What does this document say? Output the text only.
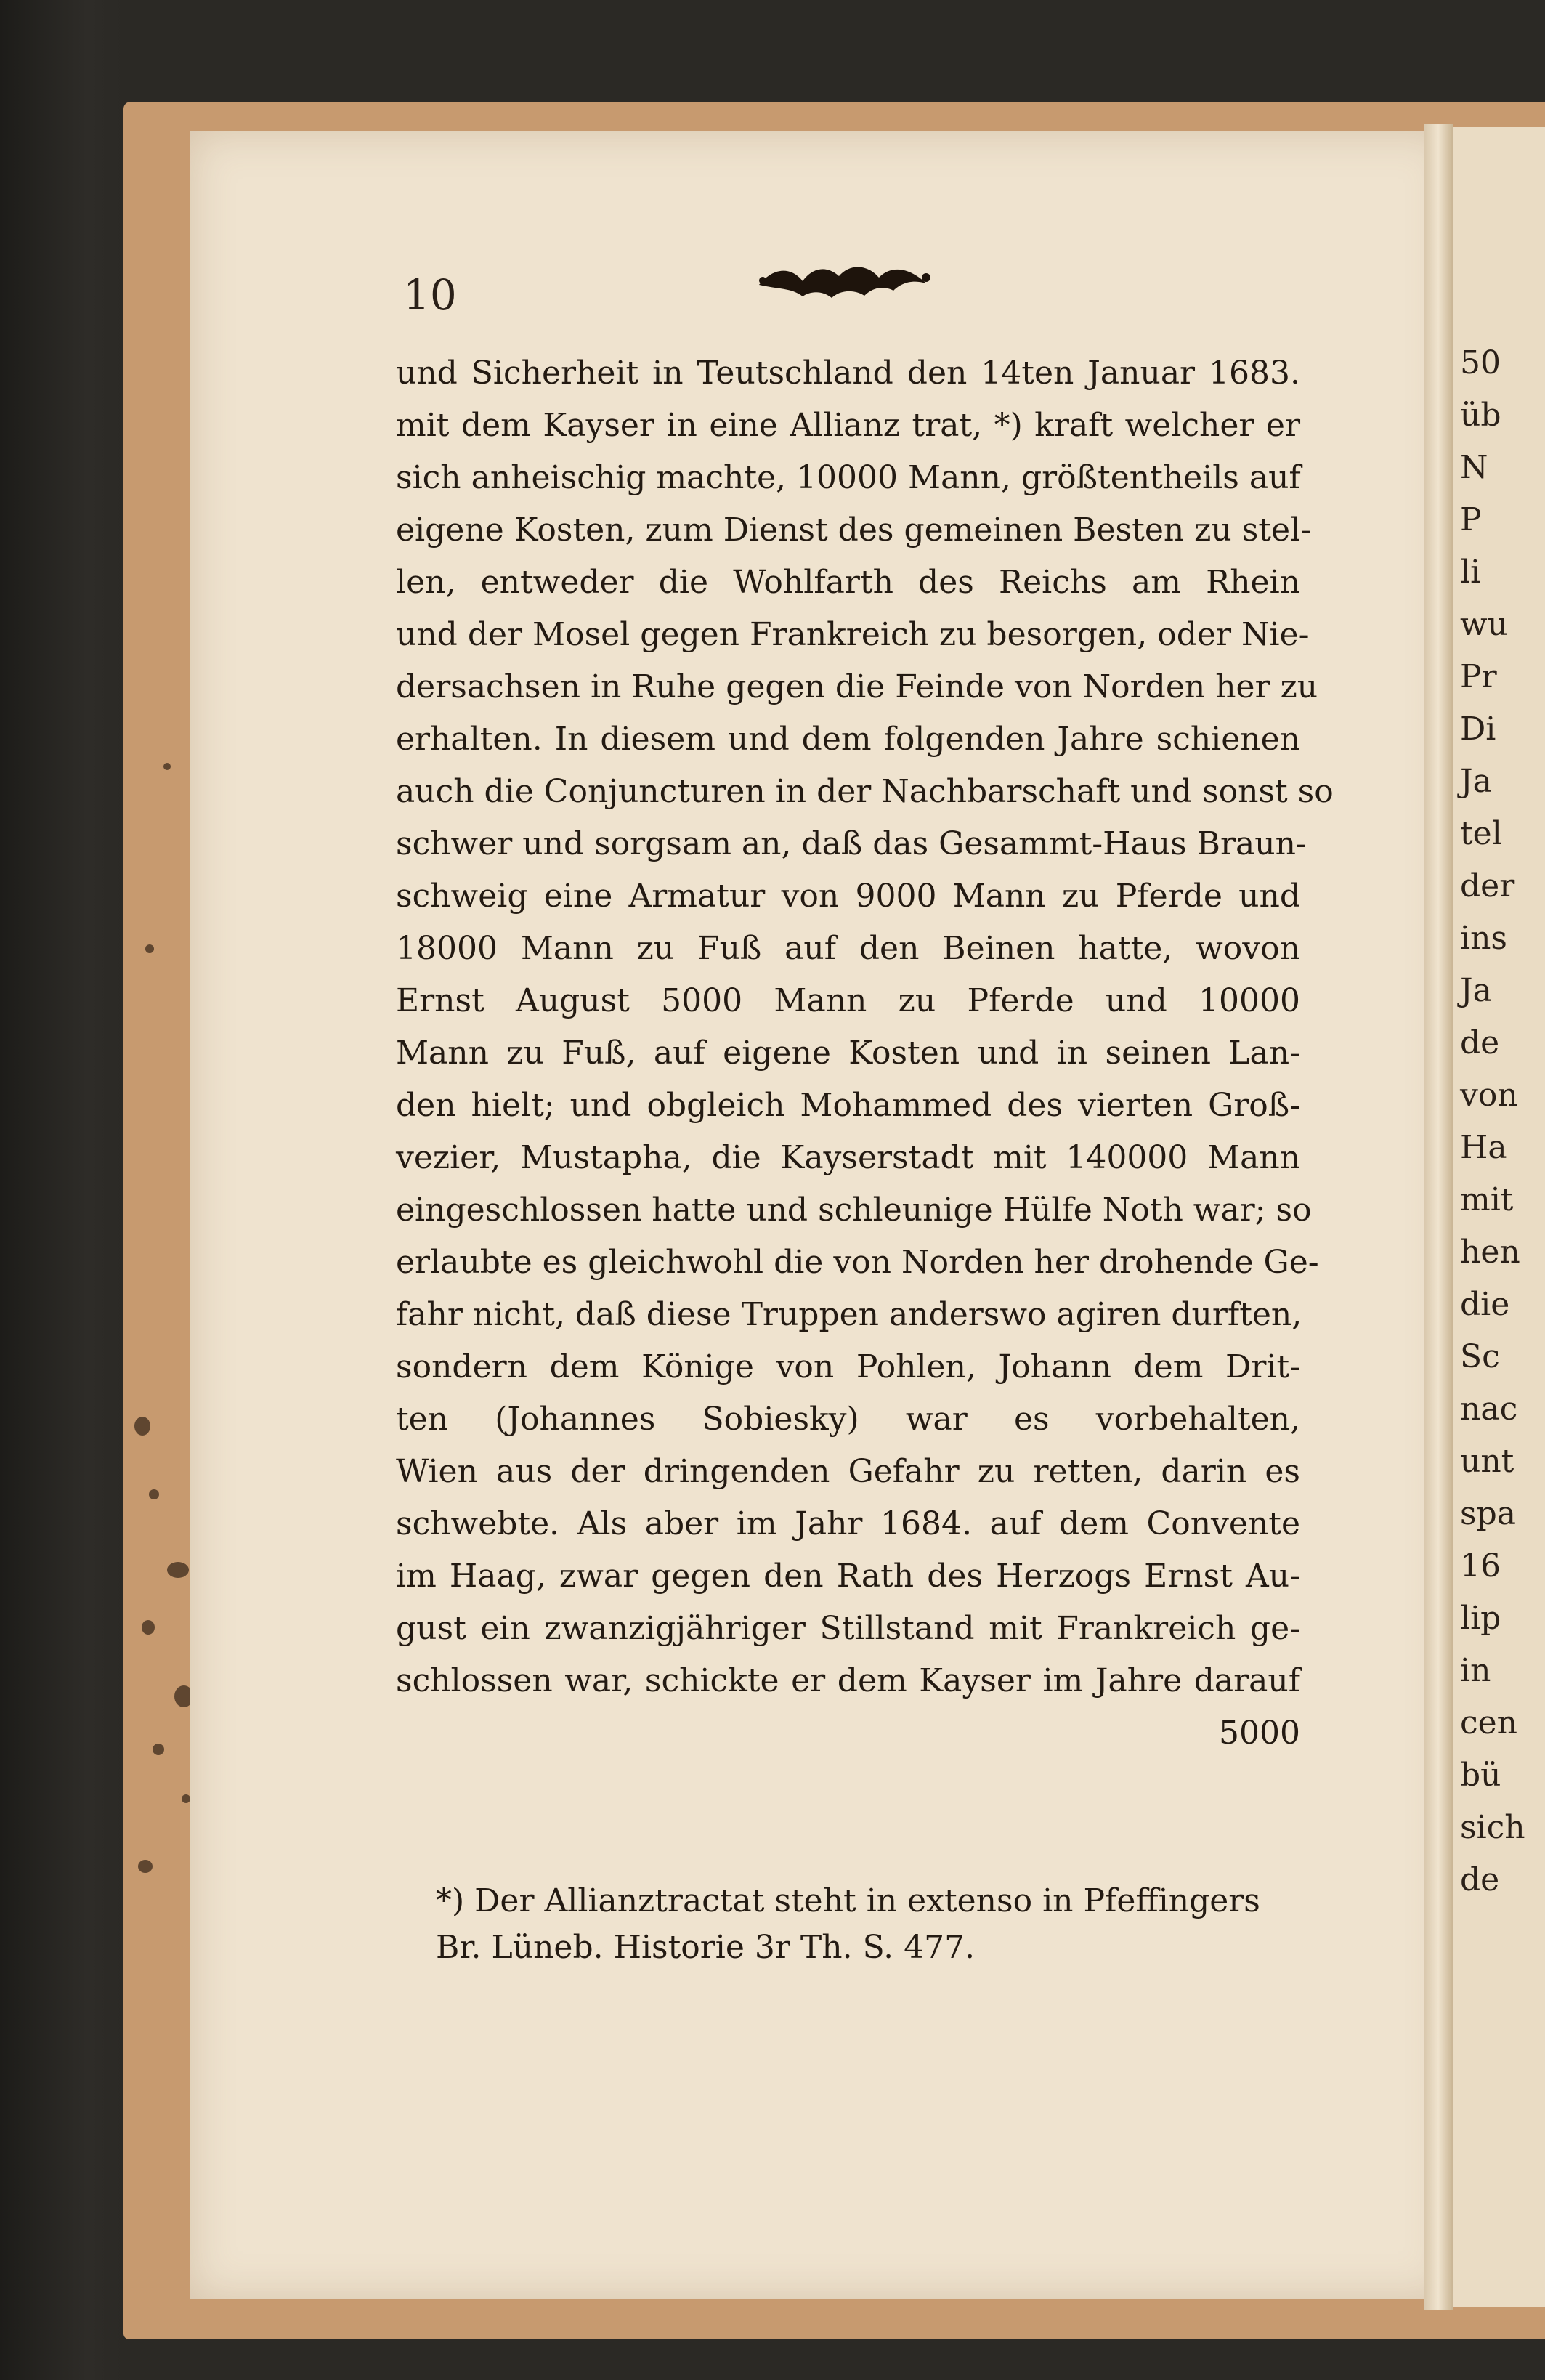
50
üb
N
P
li
wu
Pr
Di
Ja
tel
der
ins
Ja
de
von
Ha
mit
hen
die
Sc
nac
unt
spa
16
lip
in
cen
bü
sich
de
10
und Sicherheit in Teutschland den 14ten Januar 1683.
mit dem Kayser in eine Allianz trat, *) kraft welcher er
sich anheischig machte, 10000 Mann, größtentheils auf
eigene Kosten, zum Dienst des gemeinen Besten zu stel-
len, entweder die Wohlfarth des Reichs am Rhein
und der Mosel gegen Frankreich zu besorgen, oder Nie-
dersachsen in Ruhe gegen die Feinde von Norden her zu
erhalten. In diesem und dem folgenden Jahre schienen
auch die Conjuncturen in der Nachbarschaft und sonst so
schwer und sorgsam an, daß das Gesammt-Haus Braun-
schweig eine Armatur von 9000 Mann zu Pferde und
18000 Mann zu Fuß auf den Beinen hatte, wovon
Ernst August 5000 Mann zu Pferde und 10000
Mann zu Fuß, auf eigene Kosten und in seinen Lan-
den hielt; und obgleich Mohammed des vierten Groß-
vezier, Mustapha, die Kayserstadt mit 140000 Mann
eingeschlossen hatte und schleunige Hülfe Noth war; so
erlaubte es gleichwohl die von Norden her drohende Ge-
fahr nicht, daß diese Truppen anderswo agiren durften,
sondern dem Könige von Pohlen, Johann dem Drit-
ten (Johannes Sobiesky) war es vorbehalten,
Wien aus der dringenden Gefahr zu retten, darin es
schwebte. Als aber im Jahr 1684. auf dem Convente
im Haag, zwar gegen den Rath des Herzogs Ernst Au-
gust ein zwanzigjähriger Stillstand mit Frankreich ge-
schlossen war, schickte er dem Kayser im Jahre darauf
5000
*) Der Allianztractat steht in extenso in Pfeffingers
Br. Lüneb. Historie 3r Th. S. 477.
